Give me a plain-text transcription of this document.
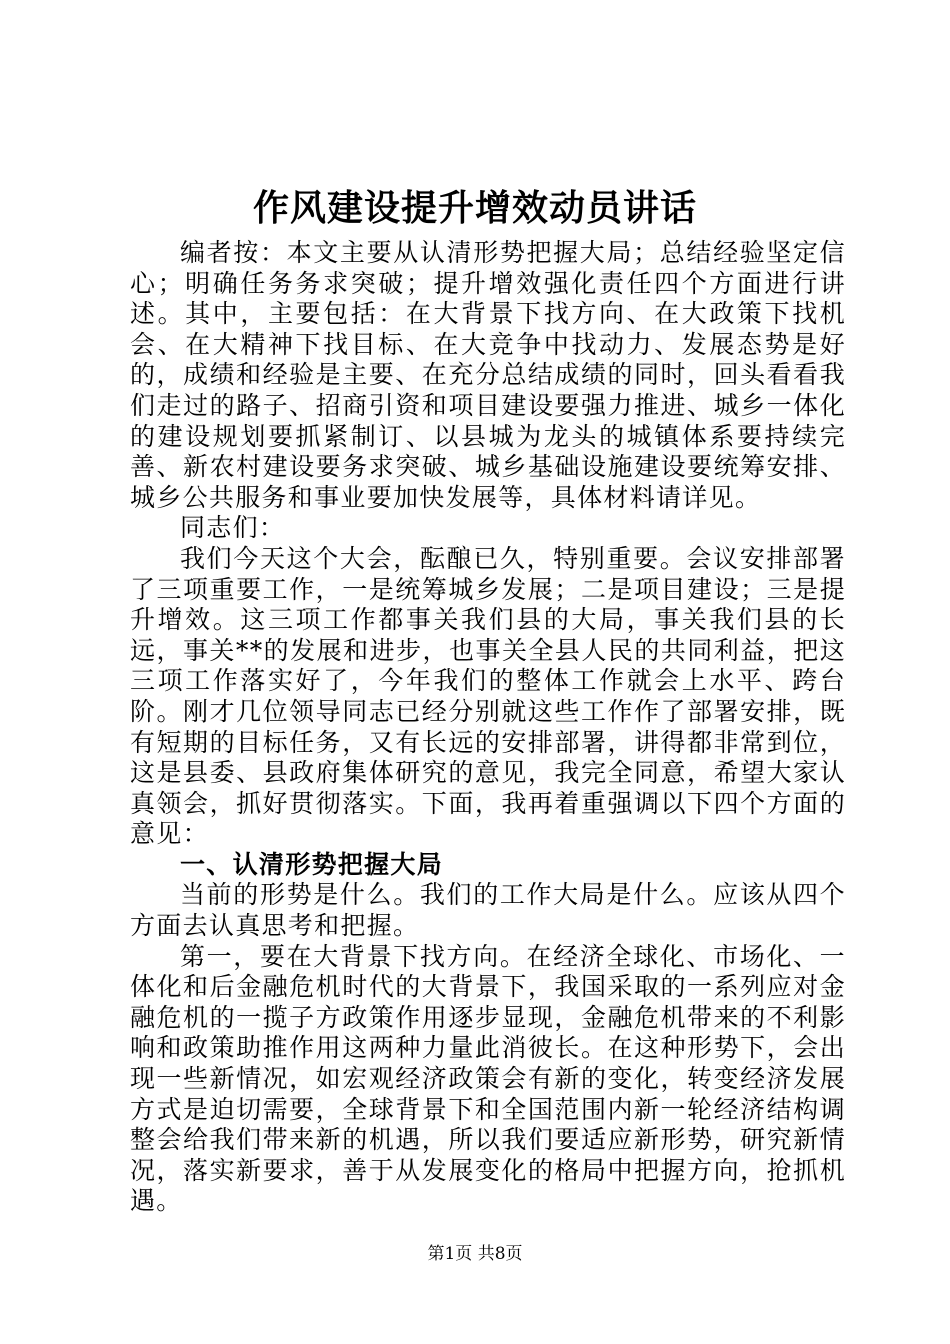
作风建设提升增效动员讲话

编者按：本文主要从认清形势把握大局；总结经验坚定信心；明确任务务求突破；提升增效强化责任四个方面进行讲述。其中，主要包括：在大背景下找方向、在大政策下找机会、在大精神下找目标、在大竞争中找动力、发展态势是好的，成绩和经验是主要、在充分总结成绩的同时，回头看看我们走过的路子、招商引资和项目建设要强力推进、城乡一体化的建设规划要抓紧制订、以县城为龙头的城镇体系要持续完善、新农村建设要务求突破、城乡基础设施建设要统筹安排、城乡公共服务和事业要加快发展等，具体材料请详见。

同志们：

我们今天这个大会，酝酿已久，特别重要。会议安排部署了三项重要工作，一是统筹城乡发展；二是项目建设；三是提升增效。这三项工作都事关我们县的大局，事关我们县的长远，事关**的发展和进步，也事关全县人民的共同利益，把这三项工作落实好了，今年我们的整体工作就会上水平、跨台阶。刚才几位领导同志已经分别就这些工作作了部署安排，既有短期的目标任务，又有长远的安排部署，讲得都非常到位，这是县委、县政府集体研究的意见，我完全同意，希望大家认真领会，抓好贯彻落实。下面，我再着重强调以下四个方面的意见：

一、认清形势把握大局

当前的形势是什么。我们的工作大局是什么。应该从四个方面去认真思考和把握。

第一，要在大背景下找方向。在经济全球化、市场化、一体化和后金融危机时代的大背景下，我国采取的一系列应对金融危机的一揽子方政策作用逐步显现，金融危机带来的不利影响和政策助推作用这两种力量此消彼长。在这种形势下，会出现一些新情况，如宏观经济政策会有新的变化，转变经济发展方式是迫切需要，全球背景下和全国范围内新一轮经济结构调整会给我们带来新的机遇，所以我们要适应新形势，研究新情况，落实新要求，善于从发展变化的格局中把握方向，抢抓机遇。

第1页 共8页
